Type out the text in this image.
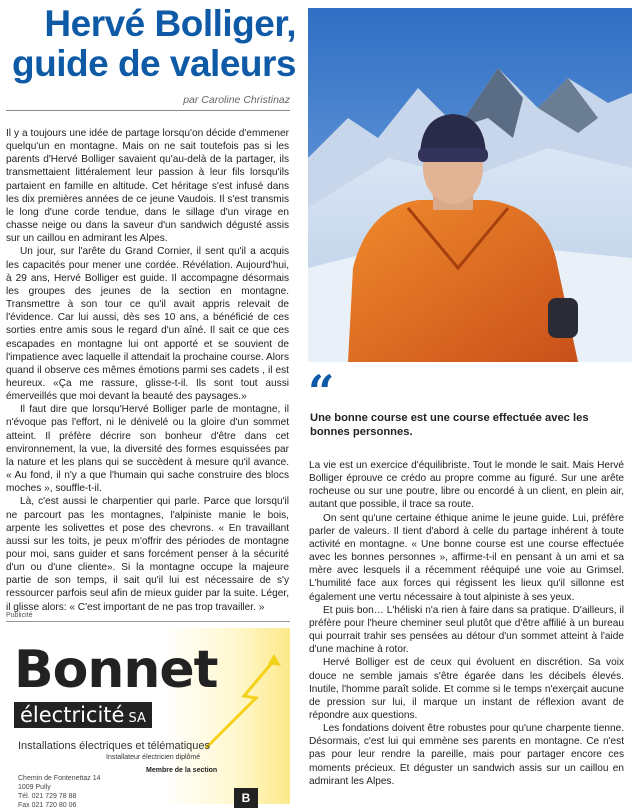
Hervé Bolliger,
guide de valeurs
par Caroline Christinaz

Il y a toujours une idée de partage lorsqu'on décide d'emmener quelqu'un en montagne. Mais on ne sait toutefois pas si les parents d'Hervé Bolliger savaient qu'au-delà de la partager, ils transmettaient littéralement leur passion à leur fils lorsqu'ils partaient en famille en altitude. Cet héritage s'est infusé dans les dix premières années de ce jeune Vaudois. Il s'est transmis le long d'une corde tendue, dans le sillage d'un virage en chasse neige ou dans la saveur d'un sandwich dégusté assis sur un caillou en admirant les Alpes.

Un jour, sur l'arête du Grand Cornier, il sent qu'il a acquis les capacités pour mener une cordée. Révélation. Aujourd'hui, à 29 ans, Hervé Bolliger est guide. Il accompagne désormais les groupes des jeunes de la section en montagne. Transmettre à son tour ce qu'il avait appris relevait de l'évidence. Car lui aussi, dès ses 10 ans, a bénéficié de ces sorties entre amis sous le regard d'un aîné. Il sait ce que ces escapades en montagne lui ont apporté et se souvient de l'impatience avec laquelle il attendait la prochaine course. Alors quand il observe ces mêmes émotions parmi ses cadets , il est heureux. «Ça me rassure, glisse-t-il. Ils sont tout aussi émerveillés que moi devant la beauté des paysages.»

Il faut dire que lorsqu'Hervé Bolliger parle de montagne, il n'évoque pas l'effort, ni le dénivelé ou la gloire d'un sommet atteint. Il préfère décrire son bonheur d'être dans cet environnement, la vue, la diversité des formes esquissées par la nature et les plans qui se succèdent à mesure qu'il avance. « Au fond, il n'y a que l'humain qui sache construire des blocs moches », souffle-t-il.

Là, c'est aussi le charpentier qui parle. Parce que lorsqu'il ne parcourt pas les montagnes, l'alpiniste manie le bois, arpente les solivettes et pose des chevrons. « En travaillant aussi sur les toits, je peux m'offrir des périodes de montagne pour moi, sans guider et sans forcément penser à la sécurité d'un ou d'une cliente». Si la montagne occupe la majeure partie de son temps, il sait qu'il lui est nécessaire de s'y ressourcer parfois seul afin de mieux guider par la suite. Léger, il glisse alors: « C'est important de ne pas trop travailler. »

“
Une bonne course est une course effectuée avec les bonnes personnes.

La vie est un exercice d'équilibriste. Tout le monde le sait. Mais Hervé Bolliger éprouve ce crédo au propre comme au figuré. Sur une arête rocheuse ou sur une poutre, libre ou encordé à un client, en plein air, autant que possible, il trace sa route.

On sent qu'une certaine éthique anime le jeune guide. Lui, préfère parler de valeurs. Il tient d'abord à celle du partage inhérent à toute activité en montagne. « Une bonne course est une course effectuée avec les bonnes personnes », affirme-t-il en pensant à un ami et sa mère avec lesquels il a récemment rééquipé une voie au Grimsel. L'humilité face aux forces qui régissent les lieux qu'il sillonne est également une vertu nécessaire à tout alpiniste à ses yeux.

Et puis bon… L'héliski n'a rien à faire dans sa pratique. D'ailleurs, il préfère pour l'heure cheminer seul plutôt que d'être affilié à un bureau qui pourrait trahir ses pensées au détour d'un sommet atteint à l'aide d'une machine à rotor.

Hervé Bolliger est de ceux qui évoluent en discrétion. Sa voix douce ne semble jamais s'être égarée dans les décibels élevés. Inutile, l'homme paraît solide. Et comme si le temps n'exerçait aucune de pression sur lui, il marque un instant de réflexion avant de répondre aux questions.

Les fondations doivent être robustes pour qu'une charpente tienne. Désormais, c'est lui qui emmène ses parents en montagne. Ce n'est pas pour leur rendre la pareille, mais pour partager encore ces moments précieux. Et déguster un sandwich assis sur un caillou en admirant les Alpes.

Publicité
Bonnet
électricité SA
Installations électriques et télématiques
Installateur électricien diplômé
Membre de la section
Chemin de Fontenettaz 14
1009 Pully
Tél. 021 729 78 88
Fax 021 720 80 06
B
